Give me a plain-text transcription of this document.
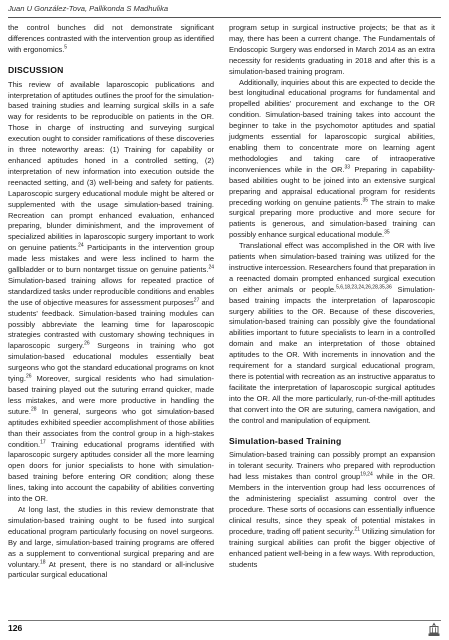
Juan U González-Tova, Pallikonda S Madhulika

the control bunches did not demonstrate significant differences contrasted with the intervention group as identified with ergonomics.$^5$

DISCUSSION

This review of available laparoscopic publications and interpretation of aptitudes outlines the proof for the simulation-based training studies and learning surgical skills in a safe way for residents to be reproducible on patients in the OR. Those in charge of instructing and surveying surgical execution ought to consider ramifications of these discoveries in three noteworthy areas: (1) Training for capability or enhanced aptitudes honed in a controlled setting, (2) interpretation of new information into execution outside the reenacted setting, and (3) well-being and safety for patients. Laparoscopic surgery educational module might be altered or supplemented with the usage simulation-based training. Recreation can prompt enhanced evaluation, enhanced preparing, blunder diminishment, and the improvement of specialized abilities in laparoscopic surgery important to work on genuine patients.$^{24}$ Participants in the intervention group made less mistakes and were less inclined to harm the gallbladder or to burn nontarget tissue on genuine patients.$^{24}$ Simulation-based training allows for repeated practice of standardized tasks under reproducible conditions and enables the use of objective measures for assessment purposes$^{27}$ and students' feedback. Simulation-based training modules can possibly abbreviate the learning time for laparoscopic strategies contrasted with customary showing techniques in laparoscopic surgery.$^{26}$ Surgeons in training who got simulation-based educational modules essentially beat surgeons who got the standard educational programs on knot tying.$^{26}$ Moreover, surgical residents who had simulation-based training played out the suturing errand quicker, made less mistakes, and were more productive in handling the suture.$^{28}$ In general, surgeons who got simulation-based aptitudes exhibited speedier accomplishment of those abilities than their associates from the control group in a high-stakes condition.$^{17}$ Training educational programs identified with laparoscopic surgery aptitudes consider all the more learning open doors for junior specialists to hone with simulation-based training before entering OR condition; along these lines, taking into account the capability of abilities converting into the OR.

At long last, the studies in this review demonstrate that simulation-based training ought to be fused into surgical educational program particularly focusing on novel surgeons. By and large, simulation-based training programs are offered as a supplement to conventional surgical preparing and are voluntary.$^{18}$ At present, there is no standard or all-inclusive particular surgical educational

program setup in surgical instructive projects; be that as it may, there has been a current change. The Fundamentals of Endoscopic Surgery was endorsed in March 2014 as an extra necessity for residents graduating in 2018 and after this is a simulation-based training program.

Additionally, inquiries about this are expected to decide the best longitudinal educational programs for fundamental and propelled abilities' procurement and exchange to the OR condition. Simulation-based training takes into account the beginner to take in the psychomotor aptitudes and spatial judgments essential for laparoscopic surgical abilities, enabling them to concentrate more on learning agent methodologies and taking care of intraoperative inconveniences while in the OR.$^{33}$ Preparing in capability-based abilities ought to be joined into an extensive surgical preparing and appraisal educational program for residents preceding working on genuine patients.$^{35}$ The strain to make surgical preparing more productive and more secure for patients is generous, and simulation-based training can possibly enhance surgical educational module.$^{35}$

Translational effect was accomplished in the OR with live patients when simulation-based training was utilized for the instructive intercession. Researchers found that preparation in a reenacted domain prompted enhanced surgical execution on either animals or people.$^{5,6,18,23,24,26,28,35,36}$ Simulation-based training impacts the interpretation of laparoscopic surgery abilities to the OR. Because of these discoveries, simulation-based training can possibly give the foundational abilities important to future specialists to learn in a controlled domain and make an interpretation of those obtained aptitudes to the OR. With increments in innovation and the requirement for a standard surgical educational program, there is potential with recreation as an instructive apparatus to facilitate the interpretation of laparoscopic surgical aptitudes into the OR. All the more particularly, run-of-the-mill aptitudes that convert into the OR are suturing, camera navigation, and the control and manipulation of equipment.

Simulation-based Training

Simulation-based training can possibly prompt an expansion in tolerant security. Trainers who prepared with reproduction had less mistakes than control group$^{19,24}$ while in the OR. Members in the intervention group had less occurrences of the administering specialist assuming control over the procedure. These sorts of occasions can essentially influence clinical results, since they speak of potential mistakes in procedure, trading off patient security.$^{21}$ Utilizing simulation for training surgical abilities can profit the bigger objective of enhanced patient well-being in a few ways. With reproduction, students

126
